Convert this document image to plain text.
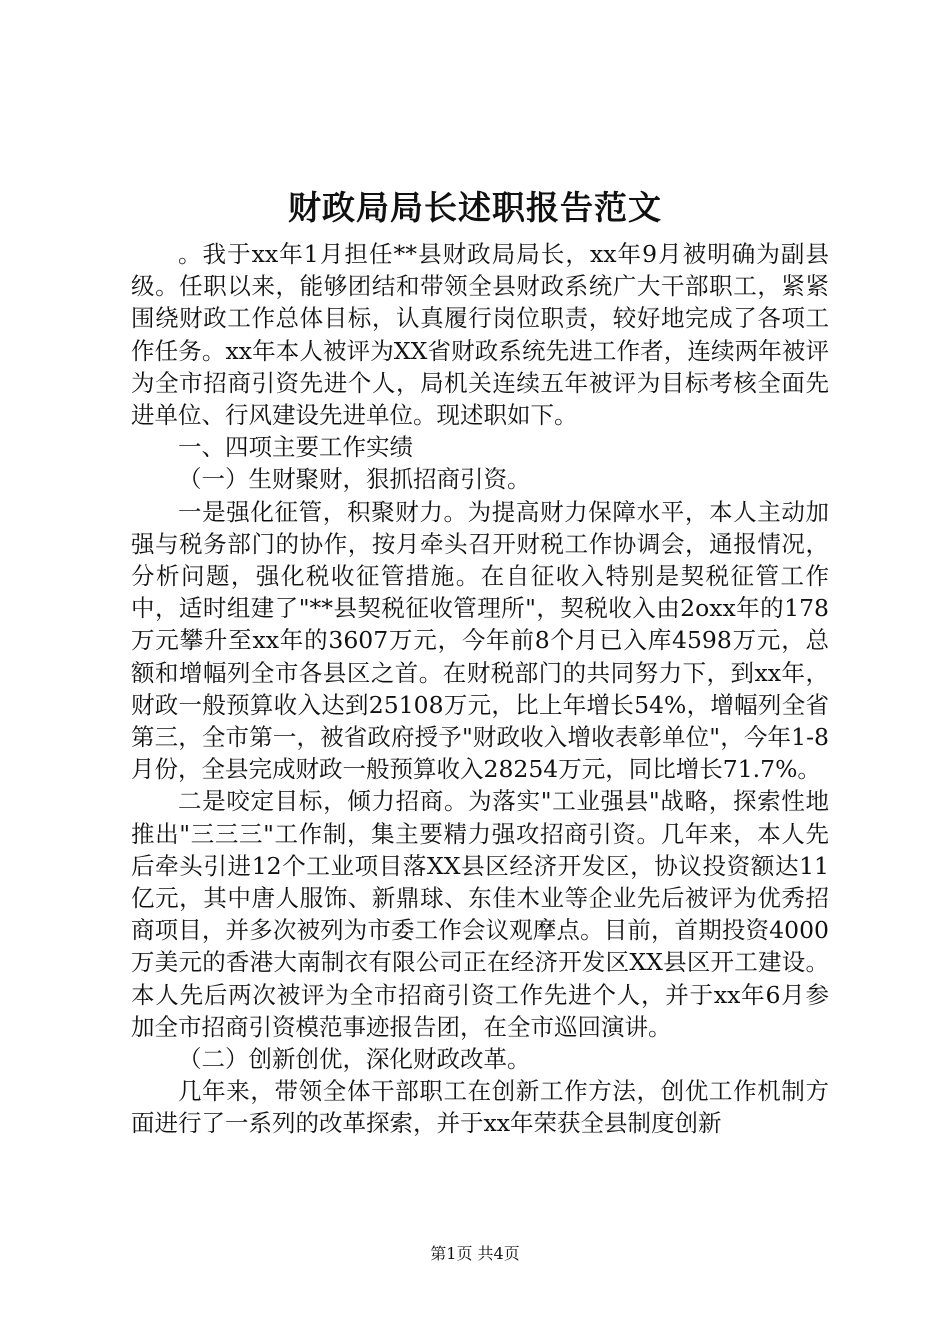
财政局局长述职报告范文

。我于xx年1月担任**县财政局局长，xx年9月被明确为副县级。任职以来，能够团结和带领全县财政系统广大干部职工，紧紧围绕财政工作总体目标，认真履行岗位职责，较好地完成了各项工作任务。xx年本人被评为XX省财政系统先进工作者，连续两年被评为全市招商引资先进个人，局机关连续五年被评为目标考核全面先进单位、行风建设先进单位。现述职如下。

一、四项主要工作实绩

（一）生财聚财，狠抓招商引资。

一是强化征管，积聚财力。为提高财力保障水平，本人主动加强与税务部门的协作，按月牵头召开财税工作协调会，通报情况，分析问题，强化税收征管措施。在自征收入特别是契税征管工作中，适时组建了"**县契税征收管理所"，契税收入由2oxx年的178万元攀升至xx年的3607万元，今年前8个月已入库4598万元，总额和增幅列全市各县区之首。在财税部门的共同努力下，到xx年，财政一般预算收入达到25108万元，比上年增长54%，增幅列全省第三，全市第一，被省政府授予"财政收入增收表彰单位"，今年1-8月份，全县完成财政一般预算收入28254万元，同比增长71.7%。

二是咬定目标，倾力招商。为落实"工业强县"战略，探索性地推出"三三三"工作制，集主要精力强攻招商引资。几年来，本人先后牵头引进12个工业项目落XX县区经济开发区，协议投资额达11亿元，其中唐人服饰、新鼎球、东佳木业等企业先后被评为优秀招商项目，并多次被列为市委工作会议观摩点。目前，首期投资4000万美元的香港大南制衣有限公司正在经济开发区XX县区开工建设。本人先后两次被评为全市招商引资工作先进个人，并于xx年6月参加全市招商引资模范事迹报告团，在全市巡回演讲。

（二）创新创优，深化财政改革。

几年来，带领全体干部职工在创新工作方法，创优工作机制方面进行了一系列的改革探索，并于xx年荣获全县制度创新

第1页 共4页
